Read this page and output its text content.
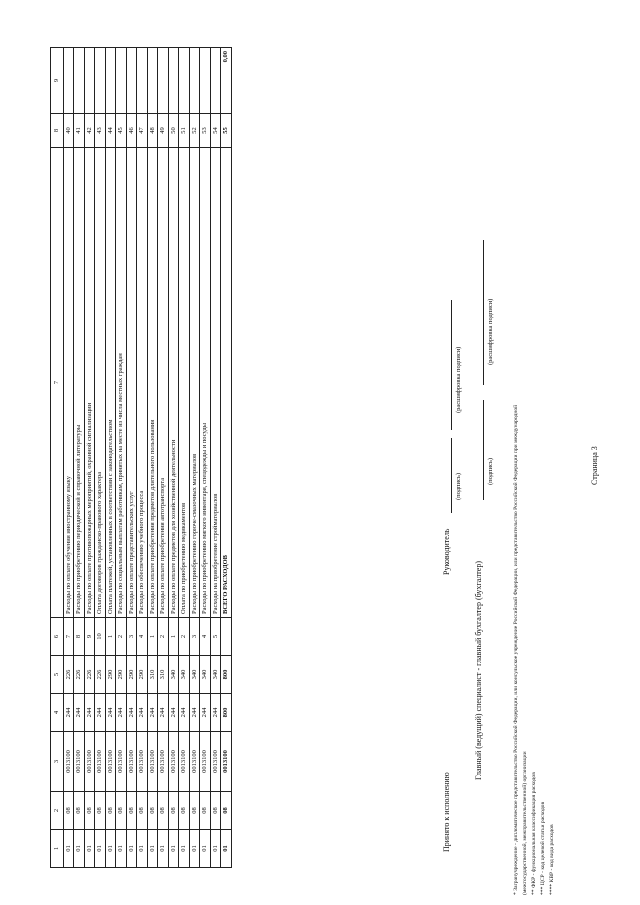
1	2	3	4	5	6	7	8	9
01	08	0013100	244	226	7	Расходы по оплате обучения иностранному языку	40	
01	08	0013100	244	226	8	Расходы по приобретению периодической и справочной литературы	41	
01	08	0013100	244	226	9	Расходы по оплате противопожарных мероприятий, охранной сигнализации	42	
01	08	0013100	244	226	10	Оплата договоров гражданско-правового характера	43	
01	08	0013100	244	290	1	Оплата платежей, установленных в соответствии с законодательством	44	
01	08	0013100	244	290	2	Расходы по социальным выплатам работникам, принятых на месте из числа местных граждан	45	
01	08	0013100	244	290	3	Расходы по оплате представительских услуг	46	
01	08	0013100	244	290	4	Расходы по обеспечению учебного процесса	47	
01	08	0013100	244	310	1	Расходы по оплате приобретения предметов длительного пользования	48	
01	08	0013100	244	310	2	Расходы по оплате приобретения автотранспорта	49	
01	08	0013100	244	340	1	Расходы по оплате предметов для хозяйственной деятельности	50	
01	08	0013100	244	340	2	Оплата по приобретению медикаментов	51	
01	08	0013100	244	340	3	Расходы по приобретению горюче-смазочных материалов	52	
01	08	0013100	244	340	4	Расходы по приобретению мягкого инвентаря, спецодежды и посуды	53	
01	08	0013100	244	340	5	Расходы на приобретение стройматериалов	54	
01	08	0013100	800	800		ВСЕГО РАСХОДОВ	55	0,00
Принято к исполнению
Руководитель
(подпись)
(расшифровка подписи)
Главный (ведущий) специалист - главный бухгалтер (бухгалтер)
(подпись)
(расшифровка подписи)
* Загранучреждение - дипломатическое представительство Российской Федерации, или консульское учреждение Российской Федерации, или представительство Российской Федерации при международной (межгосударственной, межправительственной) организации ** ФКР - функциональная классификация расходов *** ЦСР - код целевой статьи расходов **** КВР - код вида расходов
Страница 3
